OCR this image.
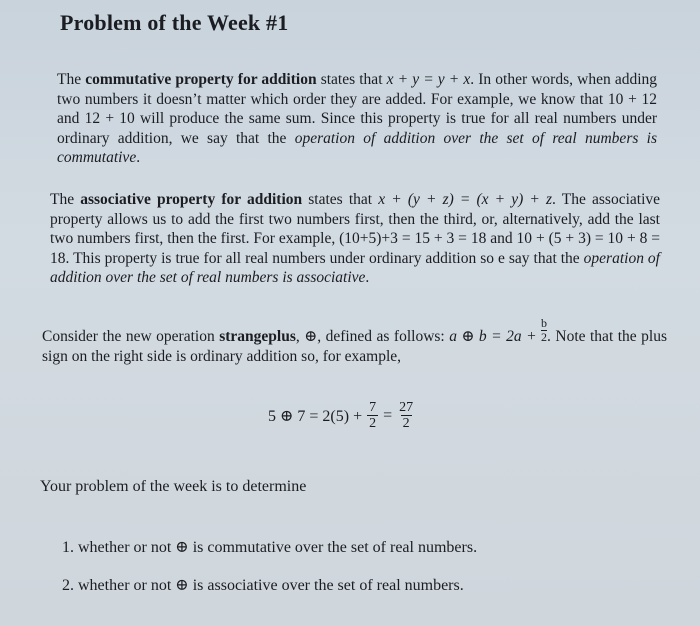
Problem of the Week #1
The commutative property for addition states that x + y = y + x. In other words, when adding two numbers it doesn’t matter which order they are added. For example, we know that 10 + 12 and 12 + 10 will produce the same sum. Since this property is true for all real numbers under ordinary addition, we say that the operation of addition over the set of real numbers is commutative.
The associative property for addition states that x + (y + z) = (x + y) + z. The associative property allows us to add the first two numbers first, then the third, or, alternatively, add the last two numbers first, then the first. For example, (10+5)+3 = 15 + 3 = 18 and 10 + (5 + 3) = 10 + 8 = 18. This property is true for all real numbers under ordinary addition so e say that the operation of addition over the set of real numbers is associative.
Consider the new operation strangeplus, ⊕, defined as follows: a ⊕ $b = 2a + \frac{b}{2}$ . Note that the plus sign on the right side is ordinary addition so, for example,
5 ⊕ $7 = 2(5) + \frac{7}{2} = \frac{27}{2}$
Your problem of the week is to determine
1. whether or not ⊕ is commutative over the set of real numbers.
2. whether or not ⊕ is associative over the set of real numbers.
